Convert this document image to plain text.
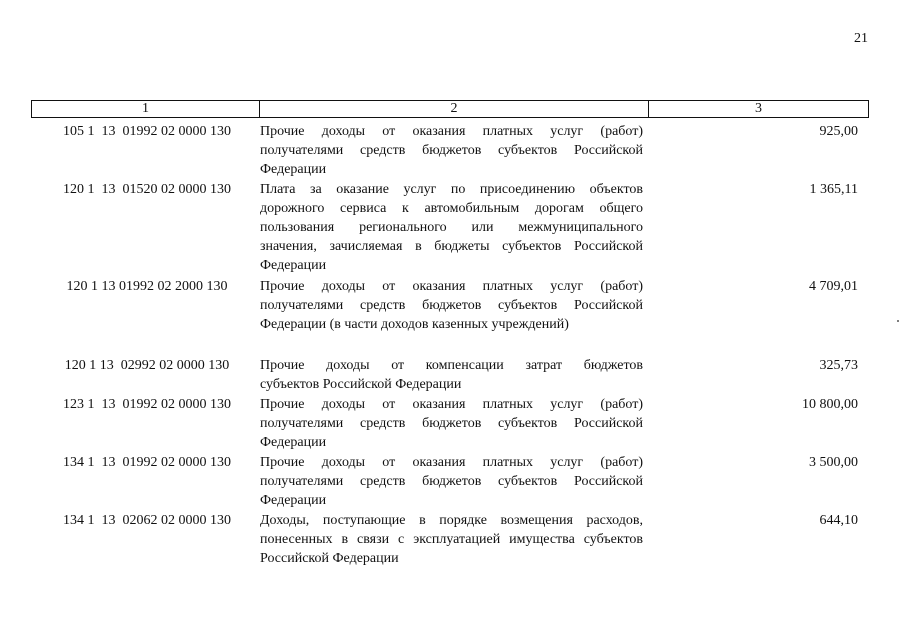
21
1	2	3
105 1  13  01992 02 0000 130	Прочие доходы от оказания платных услуг (работ)
получателями средств бюджетов субъектов Российской
Федерации
925,00
120 1  13  01520 02 0000 130	Плата за оказание услуг по присоединению объектов
дорожного сервиса к автомобильным дорогам общего
пользования регионального или межмуниципального
значения, зачисляемая в бюджеты субъектов Российской
Федерации
1 365,11
120 1 13 01992 02 2000 130	Прочие доходы от оказания платных услуг (работ)
получателями средств бюджетов субъектов Российской
Федерации (в части доходов казенных учреждений)
4 709,01
120 1 13  02992 02 0000 130	Прочие доходы от компенсации затрат бюджетов
субъектов Российской Федерации
325,73
123 1  13  01992 02 0000 130	Прочие доходы от оказания платных услуг (работ)
получателями средств бюджетов субъектов Российской
Федерации
10 800,00
134 1  13  01992 02 0000 130	Прочие доходы от оказания платных услуг (работ)
получателями средств бюджетов субъектов Российской
Федерации
3 500,00
134 1  13  02062 02 0000 130	Доходы, поступающие в порядке возмещения расходов,
понесенных в связи с эксплуатацией имущества субъектов
Российской Федерации
644,10
